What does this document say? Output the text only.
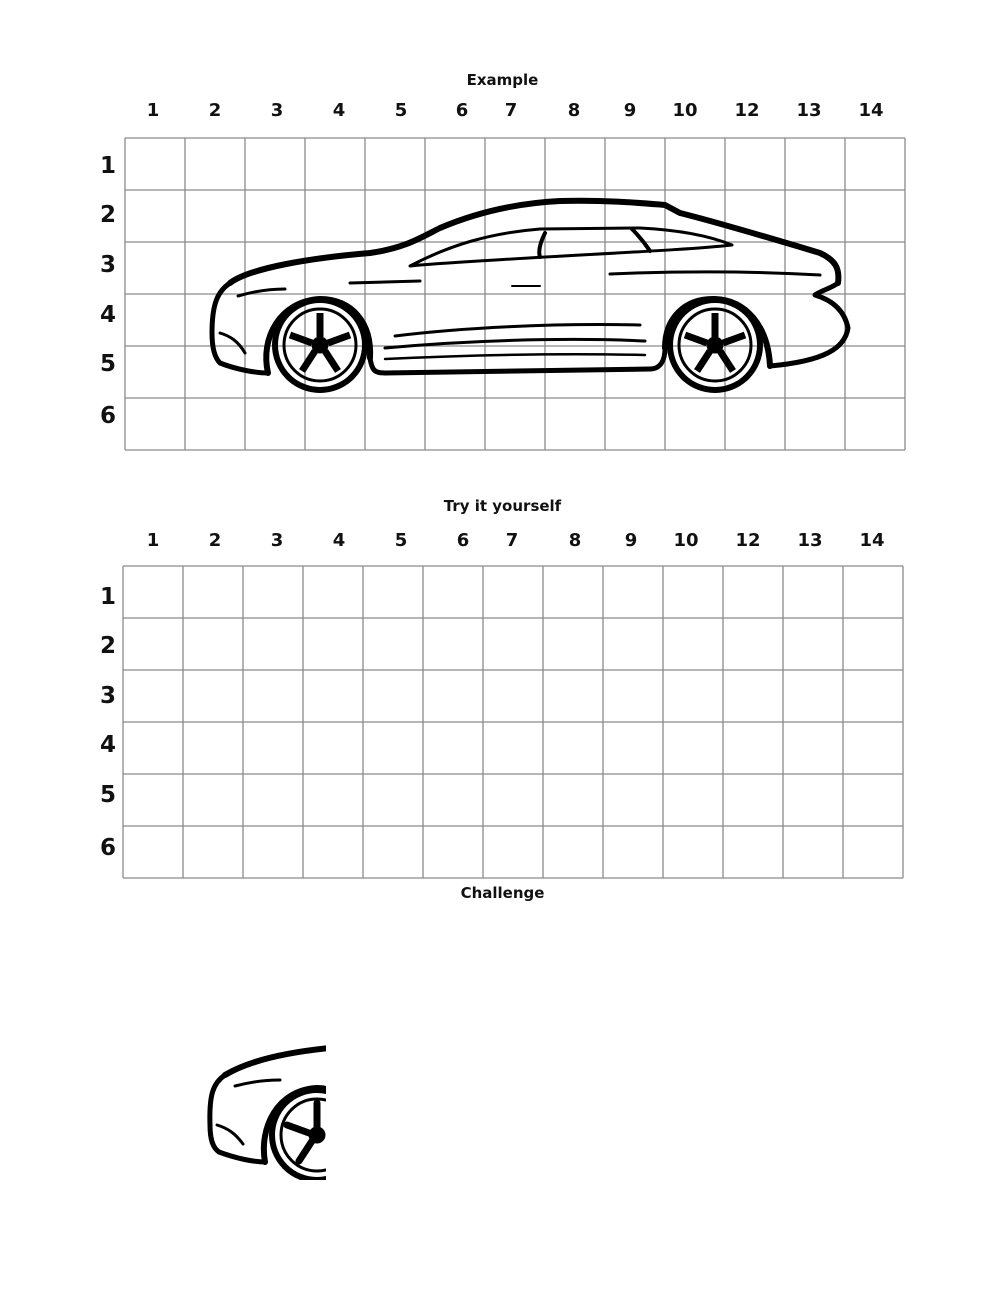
Example
1	2	3	4	5	6 7	8 9 10 12 13 14
1
2
3
4
5
6
Try it yourself
1	2	3	4	5	6 7	8 9 10 12 13 14
1
2
3
4
5
6
Challenge
